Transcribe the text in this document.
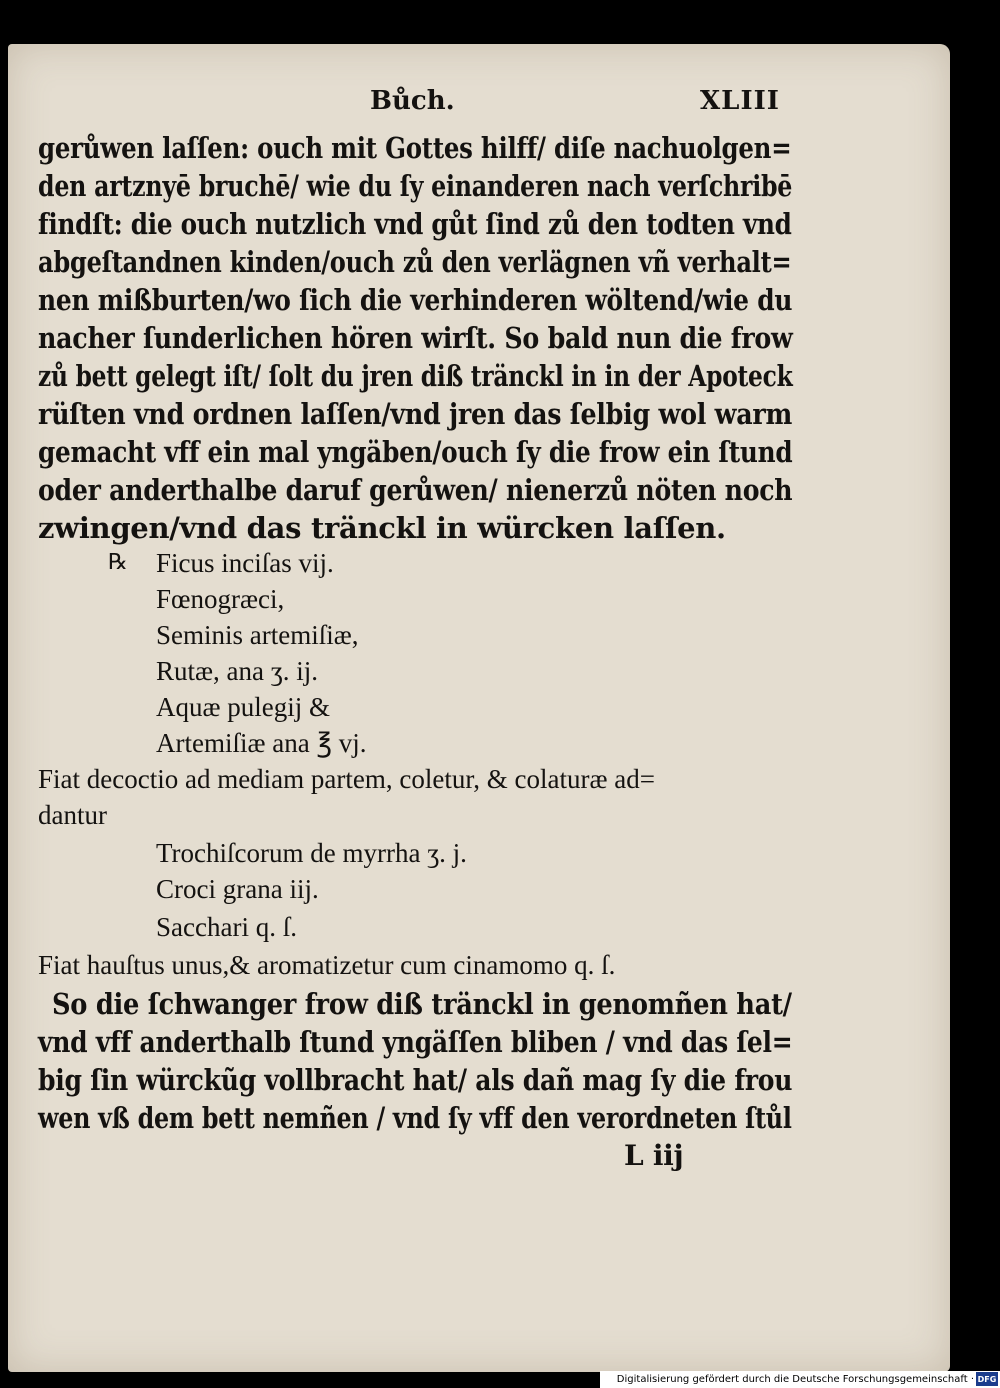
Bůch.	XLIII
gerůwen laſſen: ouch mit Gottes hilff/ diſe nachuolgen=
den artznyē bruchē/ wie du ſy einanderen nach verſchribē
findſt: die ouch nutzlich vnd gůt ſind zů den todten vnd
abgeſtandnen kinden/ouch zů den verlägnen vñ verhalt=
nen mißburten/wo ſich die verhinderen wöltend/wie du
nacher ſunderlichen hören wirſt. So bald nun die frow
zů bett gelegt iſt/ ſolt du jren diß tränckl in in der Apoteck
rüſten vnd ordnen laſſen/vnd jren das ſelbig wol warm
gemacht vff ein mal yngäben/ouch ſy die frow ein ſtund
oder anderthalbe daruf gerůwen/ nienerzů nöten noch
zwingen/vnd das tränckl in würcken laſſen.
℞ Ficus inciſas vij.
Fœnogræci,
Seminis artemiſiæ,
Rutæ, ana ʒ. ij.
Aquæ pulegij &
Artemiſiæ ana ℥ vj.
Fiat decoctio ad mediam partem, coletur, & colaturæ ad=
dantur
Trochiſcorum de myrrha ʒ. j.
Croci grana iij.
Sacchari q. ſ.
Fiat hauſtus unus,& aromatizetur cum cinamomo q. ſ.
So die ſchwanger frow diß tränckl in genomñen hat/
vnd vff anderthalb ſtund yngäſſen bliben / vnd das ſel=
big ſin würckũg vollbracht hat/ als dañ mag ſy die frou
wen vß dem bett nemñen / vnd ſy vff den verordneten ſtůl
L iij
Digitalisierung gefördert durch die Deutsche Forschungsgemeinschaft · DFG
